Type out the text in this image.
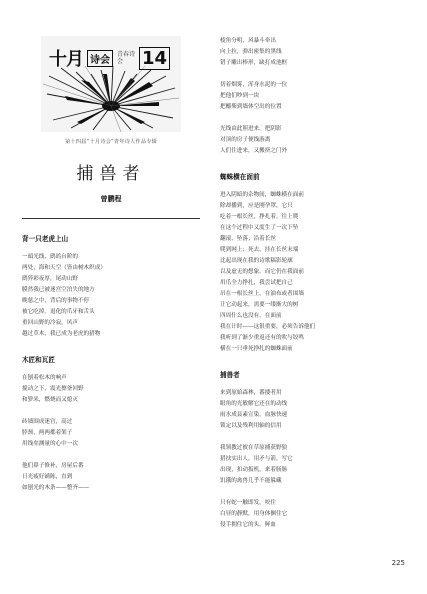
十月 诗会	青春诗会	14
第十四届“十月诗会”青年诗人作品专辑
捕兽者
曾鹏程
背一只老虎上山
一頭光线、鹧鸪台阶的
两处，海和天空（皆由树木织成）
鹧猝彩夜厚，尾动山野
膜然我已被迷宫空泊失的地方
晚慈之中，背后的事物不停
被它吃掉。退化的爪牙和舌头
重回山野的冷寂，风声
越过草木，我已成为老虎的猎物
木匠和瓦匠
在刨着松木的响声
搅动之下，震光擦釜回野
和箩米，燃烧而又熄灭
砖墙围成迷宫，高过
脖颈，两两都着架子
用线垒测量的心中一次
他们鼻子修补，房屋后番
日光疲好铺陈，直到
如刨光的木条——整齐——
棱角分明，风暴斗牵出
向上拉，弹出密集的黑线
错子雕出棒形，缺打成池框
切着烟雾，浑身水泥的一位
把他们吵到一块
把椰柴到墙体空出的位置
光线由此照进来，把阴影
对顶的房子便线游离
人们住进来，又搬挤之门外
蜘蛛横在面前
进入阴暗的杂物间，蜘蛛横在面前
除却播到，应是刚孕罩，它只
吃着一根长丝，挣扎着，往上爬
在这个过程中又度生了一次下坠
翻滚、坠落；沿着长丝
爬到网上；死去，挂在长丝末端
比起出现在我的诗歌稿影轮廓
以及虚无的想象。而它仍在我面前
用爪全力挣扎，我尝试把自己
吊在一根长丝上，在油布或者围墙
让它动起来，需要一缕渐大的树
四周什么也没有，在面前
我在计时——这很重要，必须告诉他们
我听到了渐少重返还有的吹与铰鸣
横在一只垂死挣扎的蜘蛛面前
捕兽者
来到原始森林，番搂者用
眼角的光敏解它还在的动线
雨水成县素宣染，血脉快速
锁定以及残利用轴的信用
我领教过彼在草原捕获野狼
猎扶实出人，用矛与箭，写它
出现，扣动扳机，来着肠肠
饥饿的禽兽几乎不能躲藏
只有蛇一触即发，咬住
白昼的静默，用身体捆住它
侵手拥住它的头，鲜血
225
